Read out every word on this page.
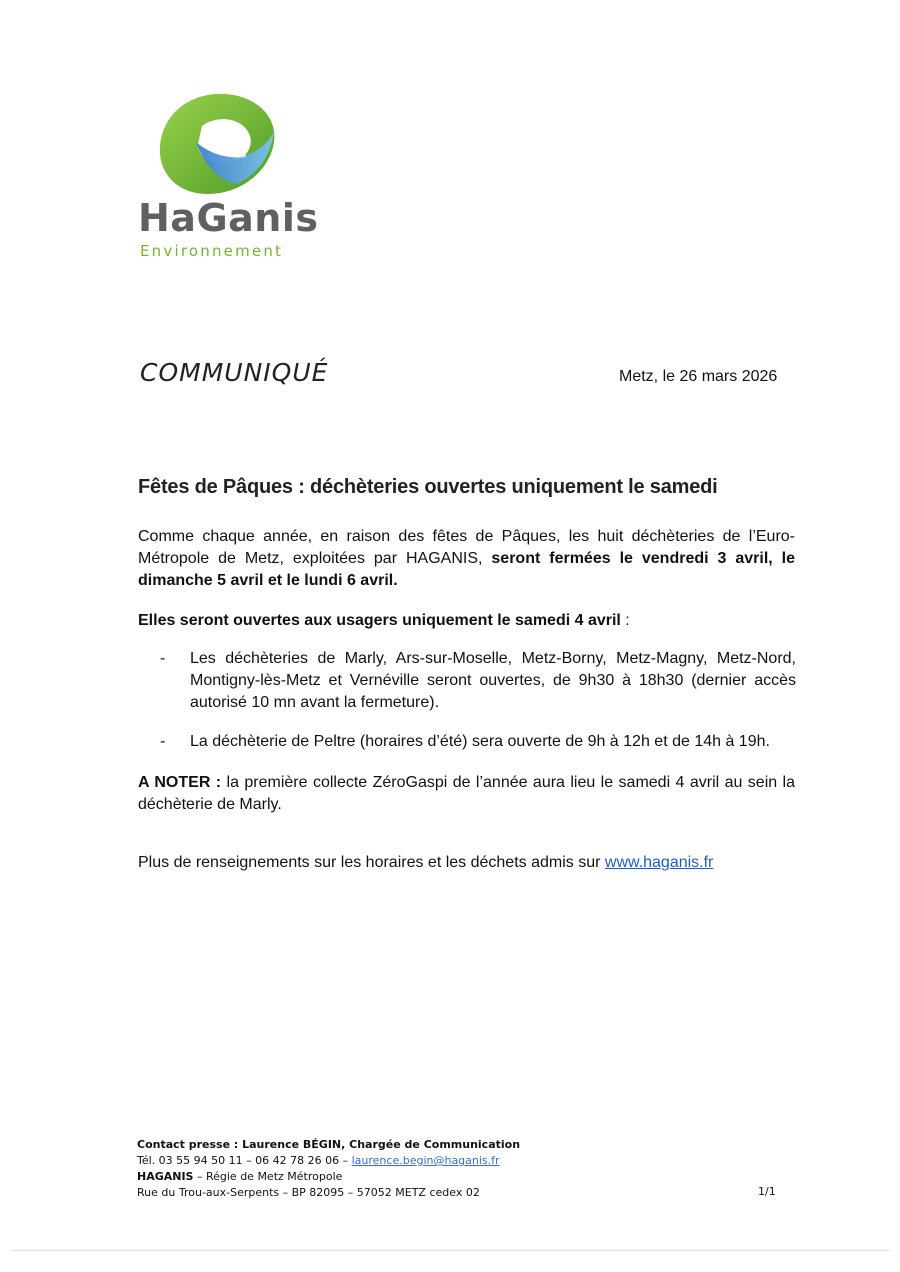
HaGanis
Environnement
COMMUNIQUÉ	Metz, le 26 mars 2026
Fêtes de Pâques : déchèteries ouvertes uniquement le samedi
Comme chaque année, en raison des fêtes de Pâques, les huit déchèteries de l’Euro-Métropole de Metz, exploitées par HAGANIS, seront fermées le vendredi 3 avril, le dimanche 5 avril et le lundi 6 avril.
Elles seront ouvertes aux usagers uniquement le samedi 4 avril :
- Les déchèteries de Marly, Ars-sur-Moselle, Metz-Borny, Metz-Magny, Metz-Nord, Montigny-lès-Metz et Vernéville seront ouvertes, de 9h30 à 18h30 (dernier accès autorisé 10 mn avant la fermeture).
- La déchèterie de Peltre (horaires d’été) sera ouverte de 9h à 12h et de 14h à 19h.
A NOTER : la première collecte ZéroGaspi de l’année aura lieu le samedi 4 avril au sein la déchèterie de Marly.
Plus de renseignements sur les horaires et les déchets admis sur www.haganis.fr
Contact presse : Laurence BÉGIN, Chargée de Communication
Tél. 03 55 94 50 11 – 06 42 78 26 06 – laurence.begin@haganis.fr
HAGANIS – Régie de Metz Métropole
Rue du Trou-aux-Serpents – BP 82095 – 57052 METZ cedex 02	1/1
